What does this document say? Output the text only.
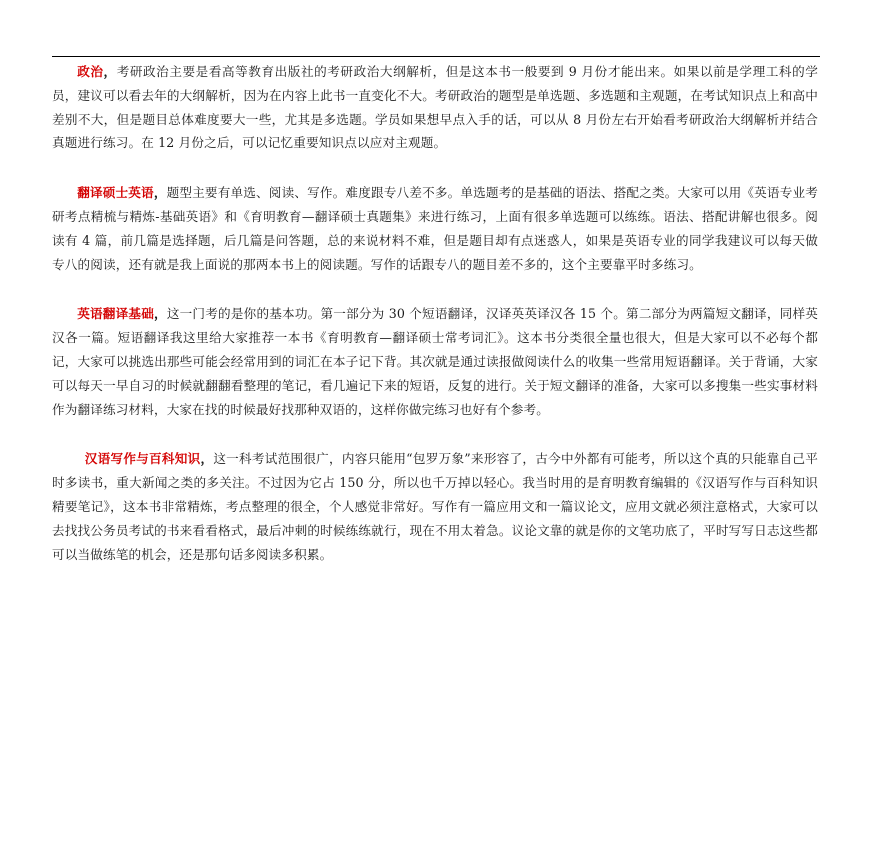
政治，考研政治主要是看高等教育出版社的考研政治大纲解析，但是这本书一般要到 9 月份才能出来。如果以前是学理工科的学员，建议可以看去年的大纲解析，因为在内容上此书一直变化不大。考研政治的题型是单选题、多选题和主观题，在考试知识点上和高中差别不大，但是题目总体难度要大一些，尤其是多选题。学员如果想早点入手的话，可以从 8 月份左右开始看考研政治大纲解析并结合真题进行练习。在 12 月份之后，可以记忆重要知识点以应对主观题。

翻译硕士英语，题型主要有单选、阅读、写作。难度跟专八差不多。单选题考的是基础的语法、搭配之类。大家可以用《英语专业考研考点精梳与精炼-基础英语》和《育明教育—翻译硕士真题集》来进行练习，上面有很多单选题可以练练。语法、搭配讲解也很多。阅读有 4 篇，前几篇是选择题，后几篇是问答题，总的来说材料不难，但是题目却有点迷惑人，如果是英语专业的同学我建议可以每天做专八的阅读，还有就是我上面说的那两本书上的阅读题。写作的话跟专八的题目差不多的，这个主要靠平时多练习。

英语翻译基础，这一门考的是你的基本功。第一部分为 30 个短语翻译，汉译英英译汉各 15 个。第二部分为两篇短文翻译，同样英汉各一篇。短语翻译我这里给大家推荐一本书《育明教育—翻译硕士常考词汇》。这本书分类很全量也很大，但是大家可以不必每个都记，大家可以挑选出那些可能会经常用到的词汇在本子记下背。其次就是通过读报做阅读什么的收集一些常用短语翻译。关于背诵，大家可以每天一早自习的时候就翻翻看整理的笔记，看几遍记下来的短语，反复的进行。关于短文翻译的准备，大家可以多搜集一些实事材料作为翻译练习材料，大家在找的时候最好找那种双语的，这样你做完练习也好有个参考。

汉语写作与百科知识，这一科考试范围很广，内容只能用“包罗万象”来形容了，古今中外都有可能考，所以这个真的只能靠自己平时多读书，重大新闻之类的多关注。不过因为它占 150 分，所以也千万掉以轻心。我当时用的是育明教育编辑的《汉语写作与百科知识精要笔记》，这本书非常精炼，考点整理的很全，个人感觉非常好。写作有一篇应用文和一篇议论文，应用文就必须注意格式，大家可以去找找公务员考试的书来看看格式，最后冲刺的时候练练就行，现在不用太着急。议论文靠的就是你的文笔功底了，平时写写日志这些都可以当做练笔的机会，还是那句话多阅读多积累。
